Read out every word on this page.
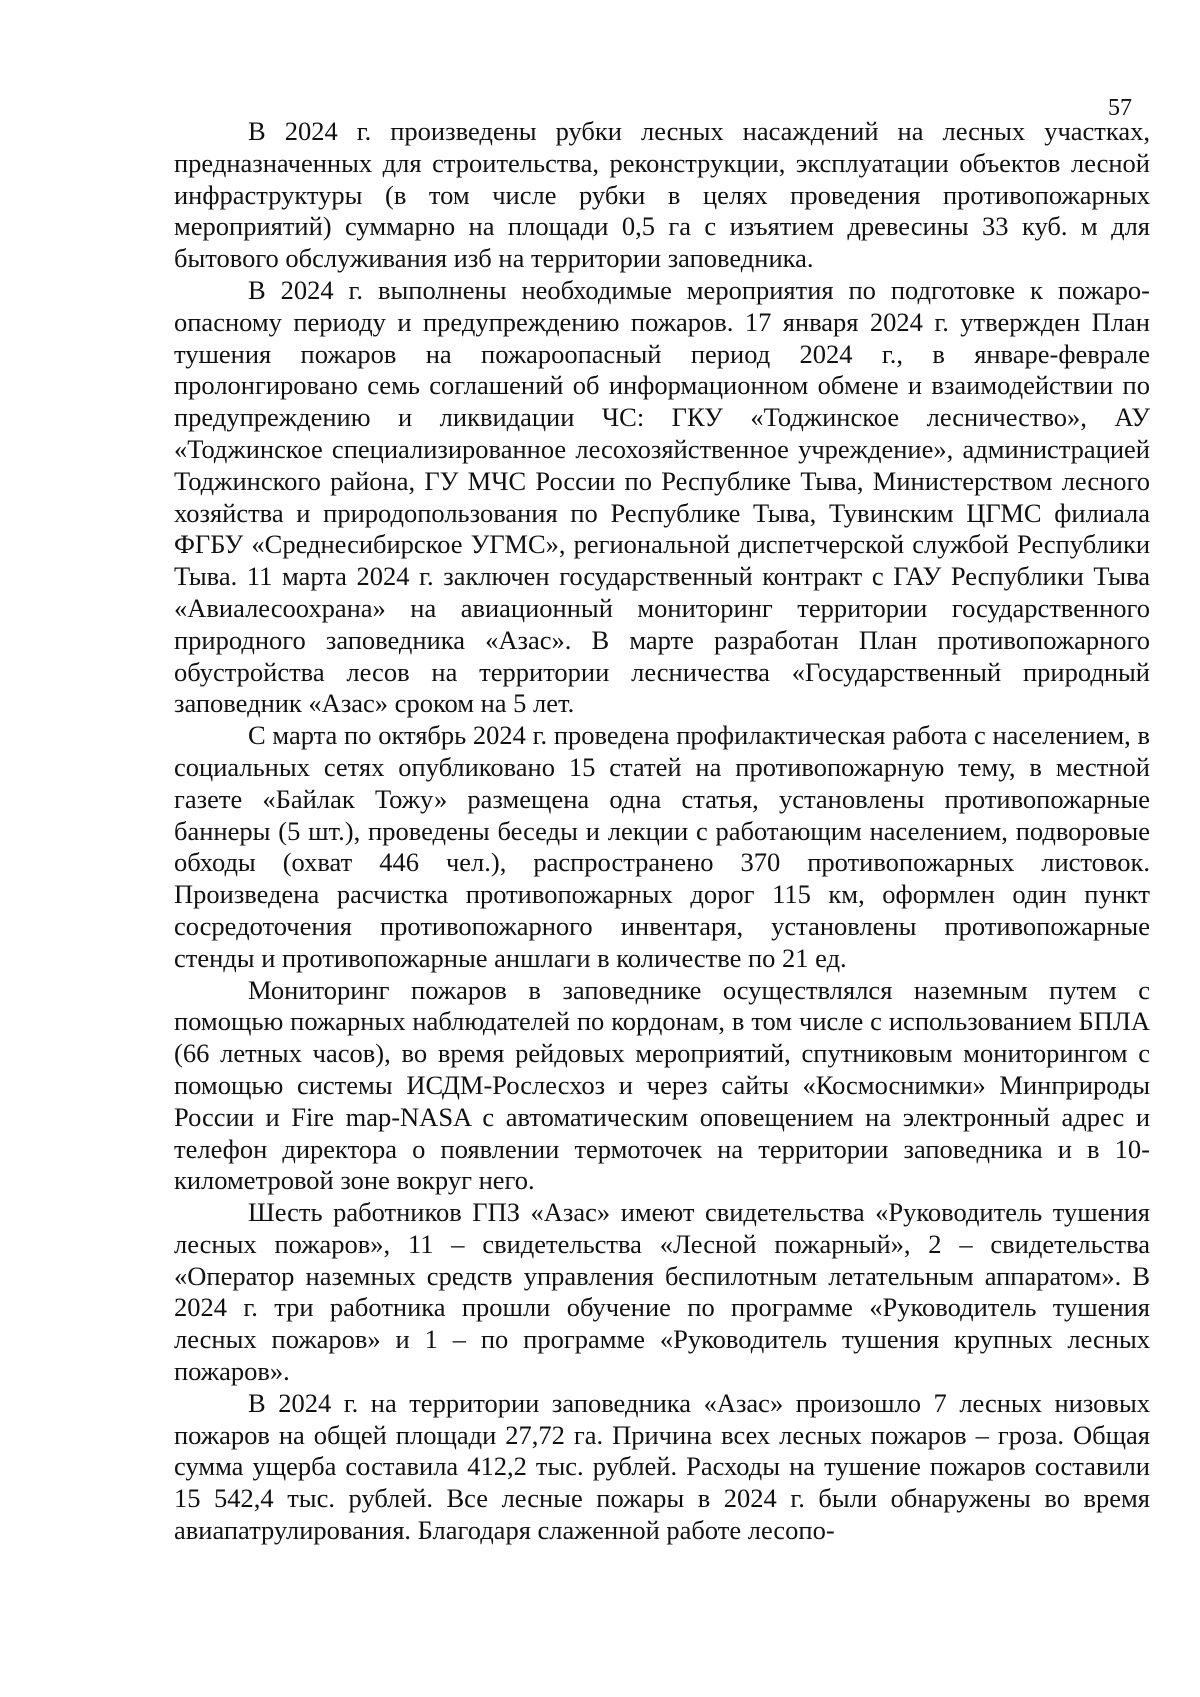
57

В 2024 г. произведены рубки лесных насаждений на лесных участках, предназначенных для строительства, реконструкции, эксплуатации объектов лесной инфраструктуры (в том числе рубки в целях проведения противопожарных мероприятий) суммарно на площади 0,5 га с изъятием древесины 33 куб. м для бытового обслуживания изб на территории заповедника.

В 2024 г. выполнены необходимые мероприятия по подготовке к пожароопасному периоду и предупреждению пожаров. 17 января 2024 г. утвержден План тушения пожаров на пожароопасный период 2024 г., в январе-феврале пролонгировано семь соглашений об информационном обмене и взаимодействии по предупреждению и ликвидации ЧС: ГКУ «Тоджинское лесничество», АУ «Тоджинское специализированное лесохозяйственное учреждение», администрацией Тоджинского района, ГУ МЧС России по Республике Тыва, Министерством лесного хозяйства и природопользования по Республике Тыва, Тувинским ЦГМС филиала ФГБУ «Среднесибирское УГМС», региональной диспетчерской службой Республики Тыва. 11 марта 2024 г. заключен государственный контракт с ГАУ Республики Тыва «Авиалесоохрана» на авиационный мониторинг территории государственного природного заповедника «Азас». В марте разработан План противопожарного обустройства лесов на территории лесничества «Государственный природный заповедник «Азас» сроком на 5 лет.

С марта по октябрь 2024 г. проведена профилактическая работа с населением, в социальных сетях опубликовано 15 статей на противопожарную тему, в местной газете «Байлак Тожу» размещена одна статья, установлены противопожарные баннеры (5 шт.), проведены беседы и лекции с работающим населением, подворовые обходы (охват 446 чел.), распространено 370 противопожарных листовок. Произведена расчистка противопожарных дорог 115 км, оформлен один пункт сосредоточения противопожарного инвентаря, установлены противопожарные стенды и противопожарные аншлаги в количестве по 21 ед.

Мониторинг пожаров в заповеднике осуществлялся наземным путем с помощью пожарных наблюдателей по кордонам, в том числе с использованием БПЛА (66 летных часов), во время рейдовых мероприятий, спутниковым мониторингом с помощью системы ИСДМ-Рослесхоз и через сайты «Космоснимки» Минприроды России и Fire map-NASA с автоматическим оповещением на электронный адрес и телефон директора о появлении термоточек на территории заповедника и в 10-километровой зоне вокруг него.

Шесть работников ГПЗ «Азас» имеют свидетельства «Руководитель тушения лесных пожаров», 11 – свидетельства «Лесной пожарный», 2 – свидетельства «Оператор наземных средств управления беспилотным летательным аппаратом». В 2024 г. три работника прошли обучение по программе «Руководитель тушения лесных пожаров» и 1 – по программе «Руководитель тушения крупных лесных пожаров».

В 2024 г. на территории заповедника «Азас» произошло 7 лесных низовых пожаров на общей площади 27,72 га. Причина всех лесных пожаров – гроза. Общая сумма ущерба составила 412,2 тыс. рублей. Расходы на тушение пожаров составили 15 542,4 тыс. рублей. Все лесные пожары в 2024 г. были обнаружены во время авиапатрулирования. Благодаря слаженной работе лесопо-
